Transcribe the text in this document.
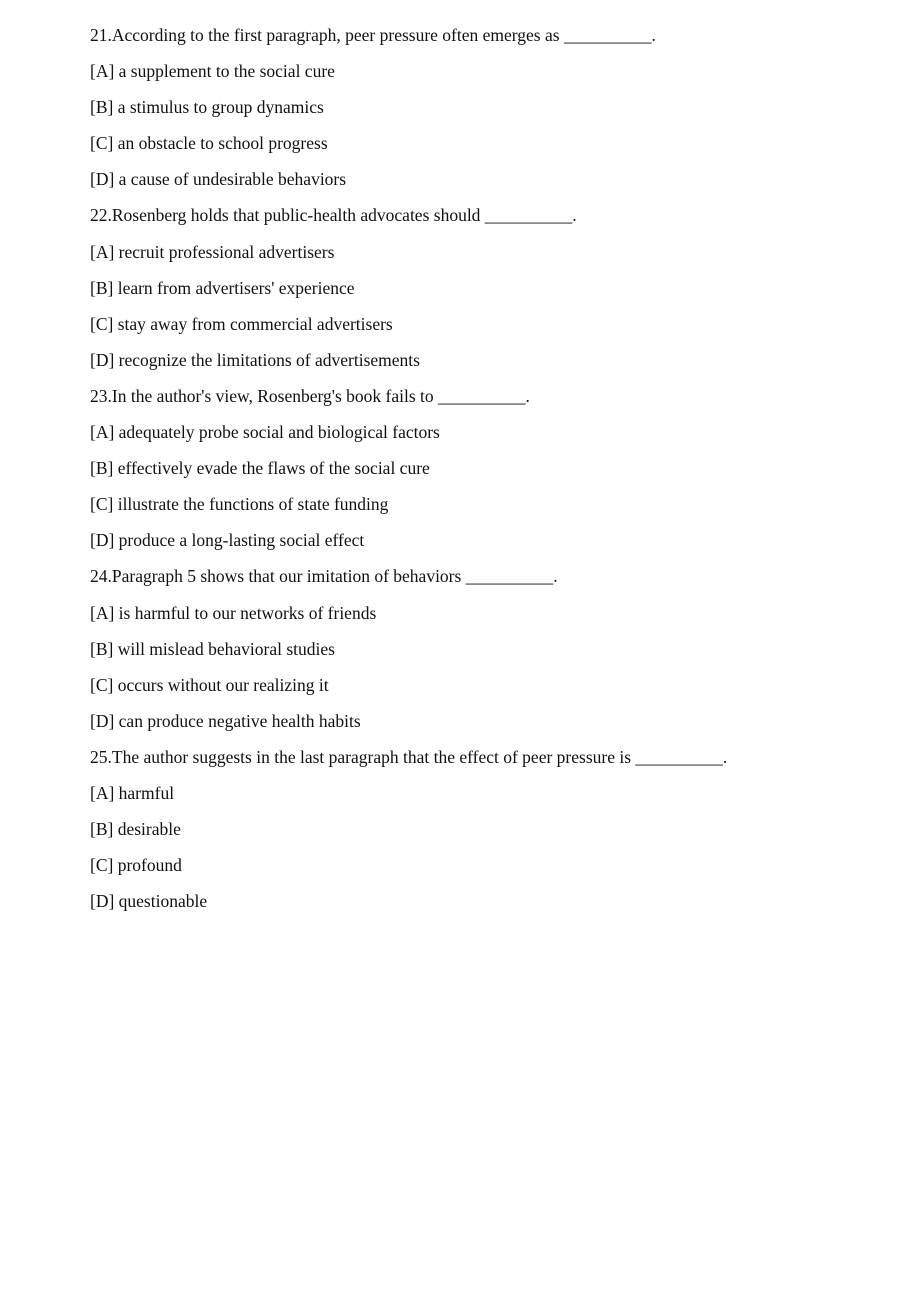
21.According to the first paragraph, peer pressure often emerges as __________.
[A] a supplement to the social cure
[B] a stimulus to group dynamics
[C] an obstacle to school progress
[D] a cause of undesirable behaviors
22.Rosenberg holds that public-health advocates should __________.
[A] recruit professional advertisers
[B] learn from advertisers' experience
[C] stay away from commercial advertisers
[D] recognize the limitations of advertisements
23.In the author's view, Rosenberg's book fails to __________.
[A] adequately probe social and biological factors
[B] effectively evade the flaws of the social cure
[C] illustrate the functions of state funding
[D] produce a long-lasting social effect
24.Paragraph 5 shows that our imitation of behaviors __________.
[A] is harmful to our networks of friends
[B] will mislead behavioral studies
[C] occurs without our realizing it
[D] can produce negative health habits
25.The author suggests in the last paragraph that the effect of peer pressure is __________.
[A] harmful
[B] desirable
[C] profound
[D] questionable
